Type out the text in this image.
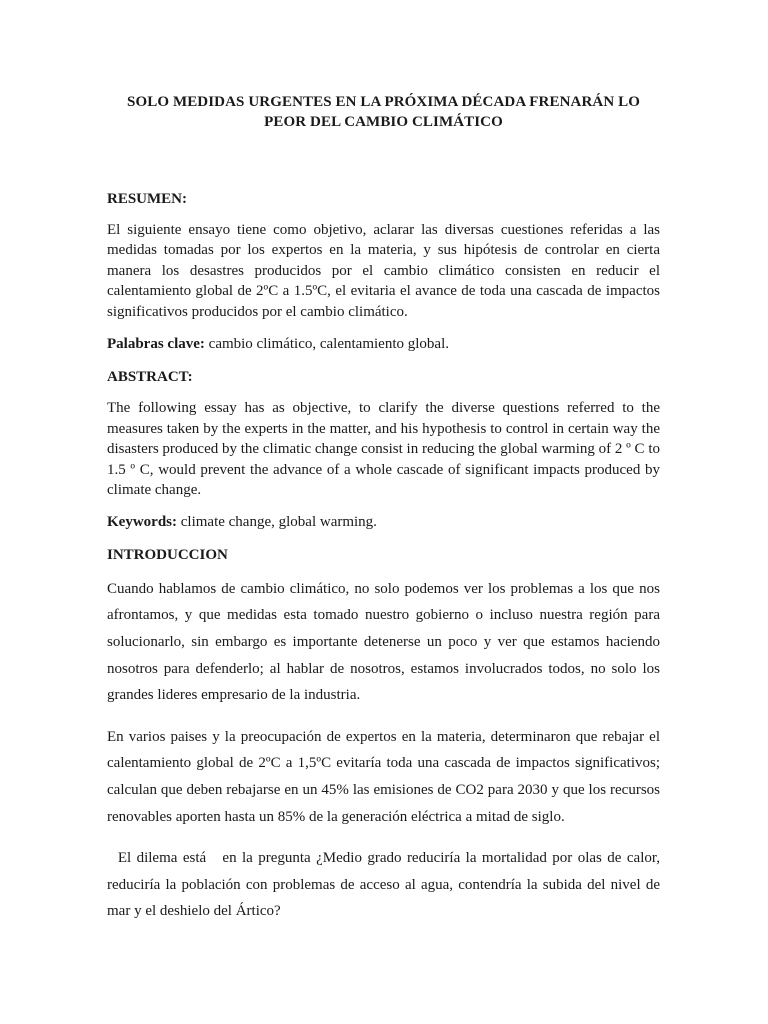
SOLO MEDIDAS URGENTES EN LA PRÓXIMA DÉCADA FRENARÁN LO
PEOR DEL CAMBIO CLIMÁTICO

RESUMEN:

El siguiente ensayo tiene como objetivo, aclarar las diversas cuestiones referidas a las medidas tomadas por los expertos en la materia, y sus hipótesis de controlar en cierta manera los desastres producidos por el cambio climático consisten en reducir el calentamiento global de 2ºC a 1.5ºC, el evitaria el avance de toda una cascada de impactos significativos producidos por el cambio climático.

Palabras clave: cambio climático, calentamiento global.

ABSTRACT:

The following essay has as objective, to clarify the diverse questions referred to the measures taken by the experts in the matter, and his hypothesis to control in certain way the disasters produced by the climatic change consist in reducing the global warming of 2 º C to 1.5 º C, would prevent the advance of a whole cascade of significant impacts produced by climate change.

Keywords: climate change, global warming.

INTRODUCCION

Cuando hablamos de cambio climático, no solo podemos ver los problemas a los que nos afrontamos, y que medidas esta tomado nuestro gobierno o incluso nuestra región para solucionarlo, sin embargo es importante detenerse un poco y ver que estamos haciendo nosotros para defenderlo; al hablar de nosotros, estamos involucrados todos, no solo los grandes lideres empresario de la industria.

En varios paises y la preocupación de expertos en la materia, determinaron que rebajar el calentamiento global de 2ºC a 1,5ºC evitaría toda una cascada de impactos significativos; calculan que deben rebajarse en un 45% las emisiones de CO2 para 2030 y que los recursos renovables aporten hasta un 85% de la generación eléctrica a mitad de siglo.

El dilema está   en la pregunta ¿Medio grado reduciría la mortalidad por olas de calor, reduciría la población con problemas de acceso al agua, contendría la subida del nivel de mar y el deshielo del Ártico?
